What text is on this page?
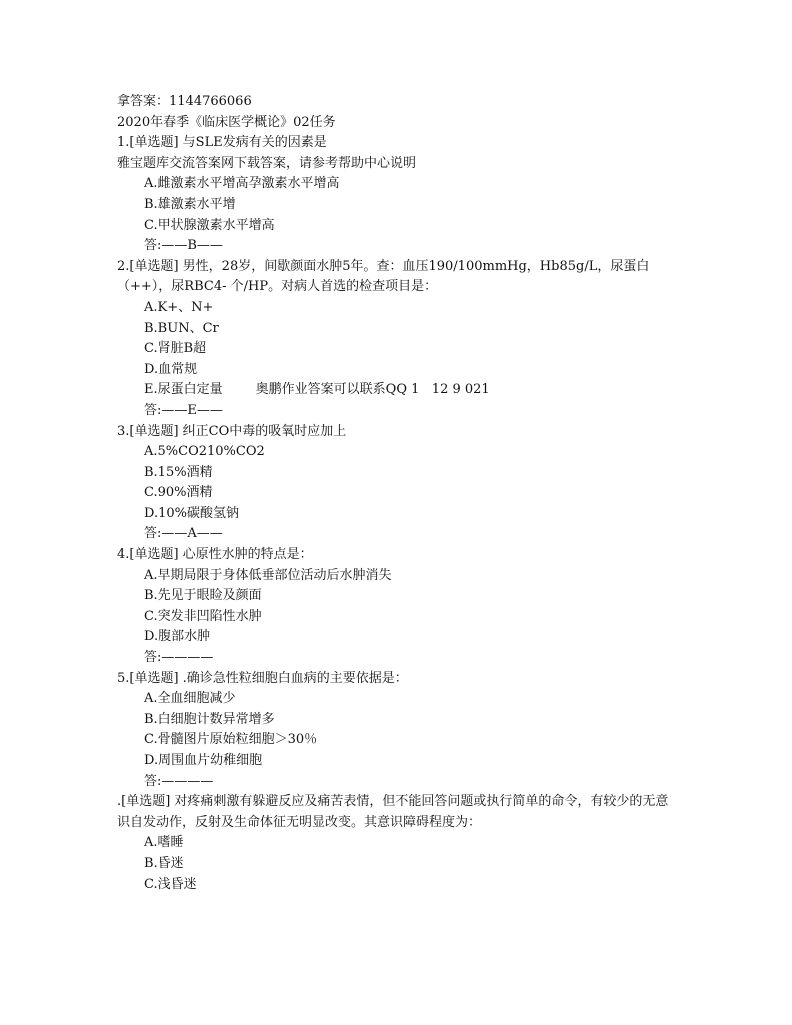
拿答案：1144766066

2020年春季《临床医学概论》02任务

1.[单选题] 与SLE发病有关的因素是

雅宝题库交流答案网下载答案，请参考帮助中心说明

A.雌激素水平增高孕激素水平增高

B.雄激素水平增

C.甲状腺激素水平增高

答:——B——

2.[单选题] 男性，28岁，间歇颜面水肿5年。查：血压190/100mmHg，Hb85g/L，尿蛋白（++），尿RBC4- 个/HP。对病人首选的检查项目是：

A.K+、N+

B.BUN、Cr

C.肾脏B超

D.血常规

E.尿蛋白定量        奥鹏作业答案可以联系QQ 1   12 9 021

答:——E——

3.[单选题] 纠正CO中毒的吸氧时应加上

A.5%CO210%CO2

B.15%酒精

C.90%酒精

D.10%碳酸氢钠

答:——A——

4.[单选题] 心原性水肿的特点是：

A.早期局限于身体低垂部位活动后水肿消失

B.先见于眼睑及颜面

C.突发非凹陷性水肿

D.腹部水肿

答:————

5.[单选题] .确诊急性粒细胞白血病的主要依据是：

A.全血细胞减少

B.白细胞计数异常增多

C.骨髓图片原始粒细胞＞30％

D.周围血片幼稚细胞

答:————

.[单选题] 对疼痛刺激有躲避反应及痛苦表情，但不能回答问题或执行简单的命令，有较少的无意识自发动作，反射及生命体征无明显改变。其意识障碍程度为：

A.嗜睡

B.昏迷

C.浅昏迷
